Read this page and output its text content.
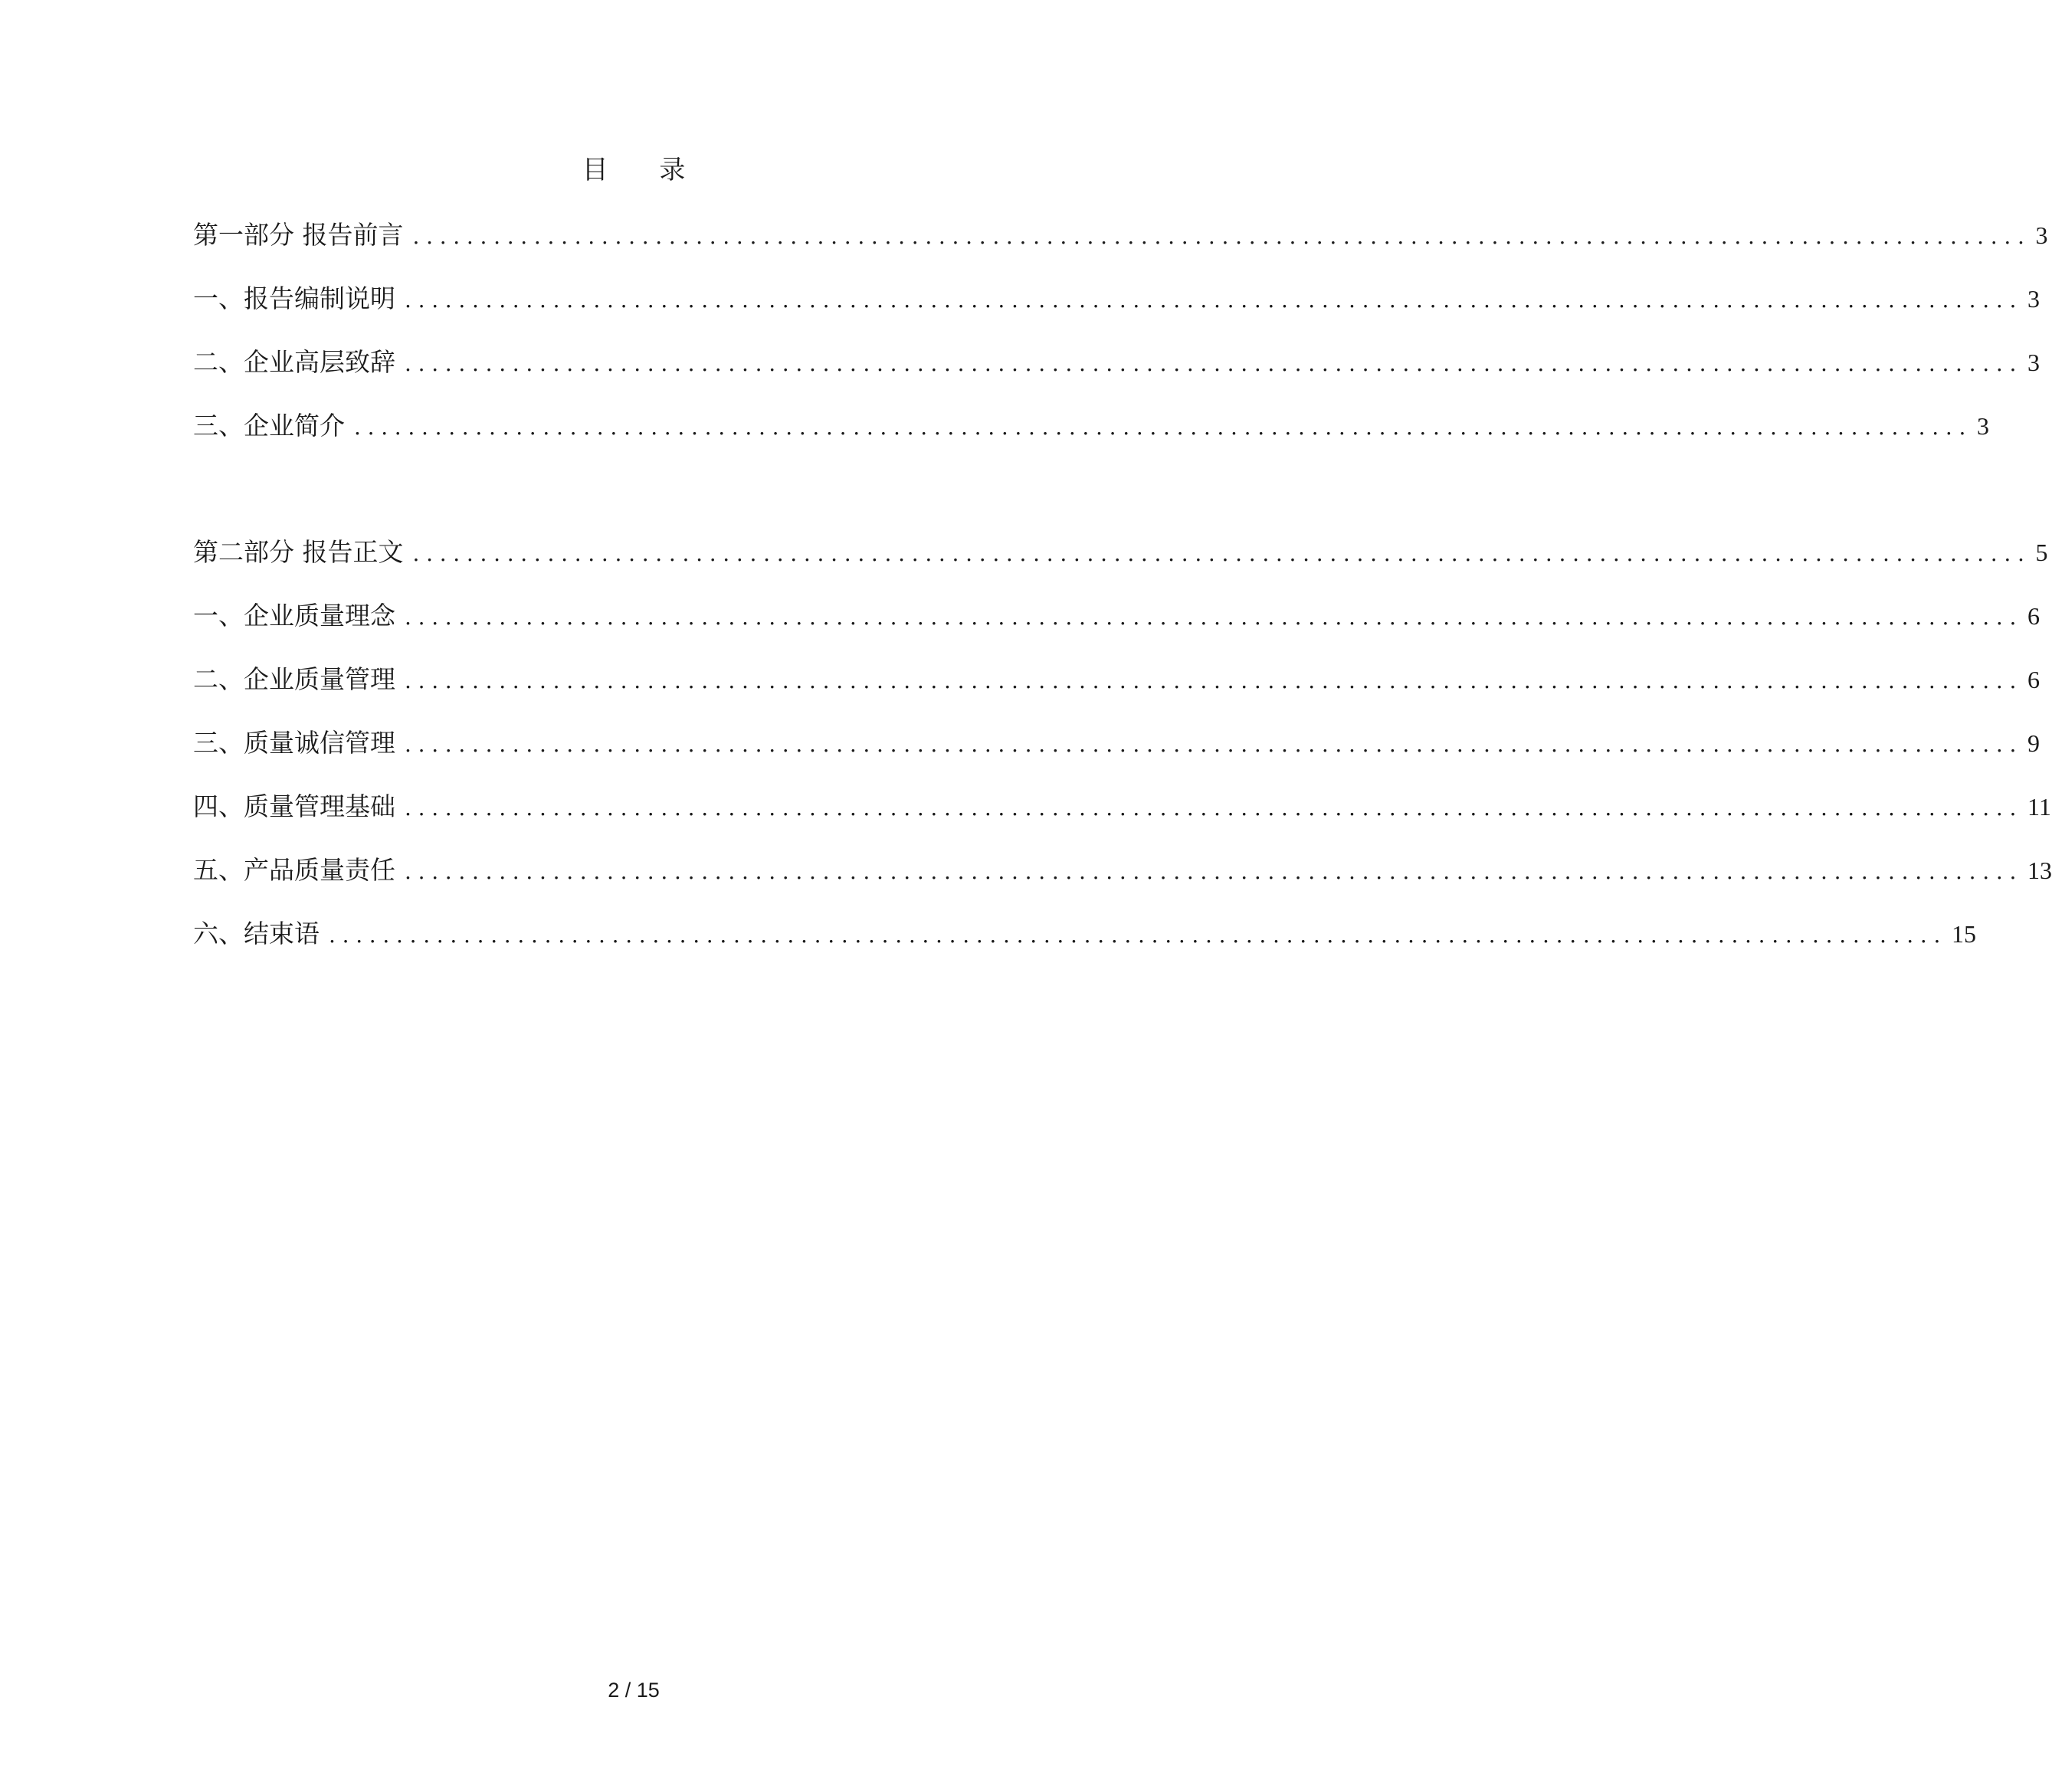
目 录
第一部分 报告前言 ........................................................................................................................ 3
一、报告编制说明 ........................................................................................................................ 3
二、企业高层致辞 ........................................................................................................................ 3
三、企业简介 ........................................................................................................................ 3
第二部分 报告正文 ........................................................................................................................ 5
一、企业质量理念 ........................................................................................................................ 6
二、企业质量管理 ........................................................................................................................ 6
三、质量诚信管理 ........................................................................................................................ 9
四、质量管理基础 ........................................................................................................................ 11
五、产品质量责任 ........................................................................................................................ 13
六、结束语 ........................................................................................................................ 15
2 / 15
